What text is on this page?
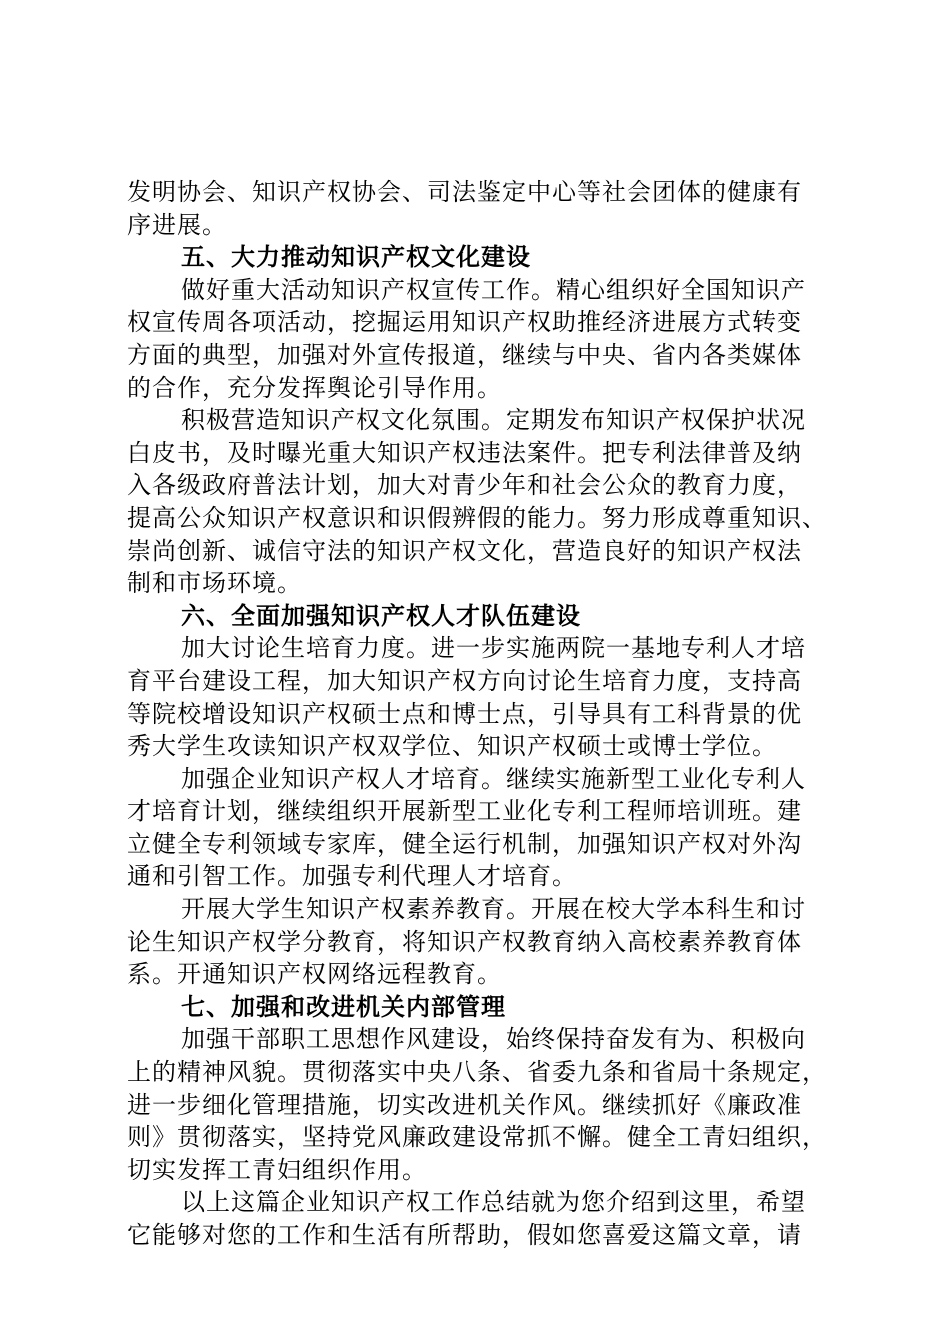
发明协会、知识产权协会、司法鉴定中心等社会团体的健康有
序进展。
五、大力推动知识产权文化建设
做好重大活动知识产权宣传工作。精心组织好全国知识产
权宣传周各项活动，挖掘运用知识产权助推经济进展方式转变
方面的典型，加强对外宣传报道，继续与中央、省内各类媒体
的合作，充分发挥舆论引导作用。
积极营造知识产权文化氛围。定期发布知识产权保护状况
白皮书，及时曝光重大知识产权违法案件。把专利法律普及纳
入各级政府普法计划，加大对青少年和社会公众的教育力度，
提高公众知识产权意识和识假辨假的能力。努力形成尊重知识、
崇尚创新、诚信守法的知识产权文化，营造良好的知识产权法
制和市场环境。
六、全面加强知识产权人才队伍建设
加大讨论生培育力度。进一步实施两院一基地专利人才培
育平台建设工程，加大知识产权方向讨论生培育力度，支持高
等院校增设知识产权硕士点和博士点，引导具有工科背景的优
秀大学生攻读知识产权双学位、知识产权硕士或博士学位。
加强企业知识产权人才培育。继续实施新型工业化专利人
才培育计划，继续组织开展新型工业化专利工程师培训班。建
立健全专利领域专家库，健全运行机制，加强知识产权对外沟
通和引智工作。加强专利代理人才培育。
开展大学生知识产权素养教育。开展在校大学本科生和讨
论生知识产权学分教育，将知识产权教育纳入高校素养教育体
系。开通知识产权网络远程教育。
七、加强和改进机关内部管理
加强干部职工思想作风建设，始终保持奋发有为、积极向
上的精神风貌。贯彻落实中央八条、省委九条和省局十条规定，
进一步细化管理措施，切实改进机关作风。继续抓好《廉政准
则》贯彻落实，坚持党风廉政建设常抓不懈。健全工青妇组织，
切实发挥工青妇组织作用。
以上这篇企业知识产权工作总结就为您介绍到这里，希望
它能够对您的工作和生活有所帮助，假如您喜爱这篇文章，请
